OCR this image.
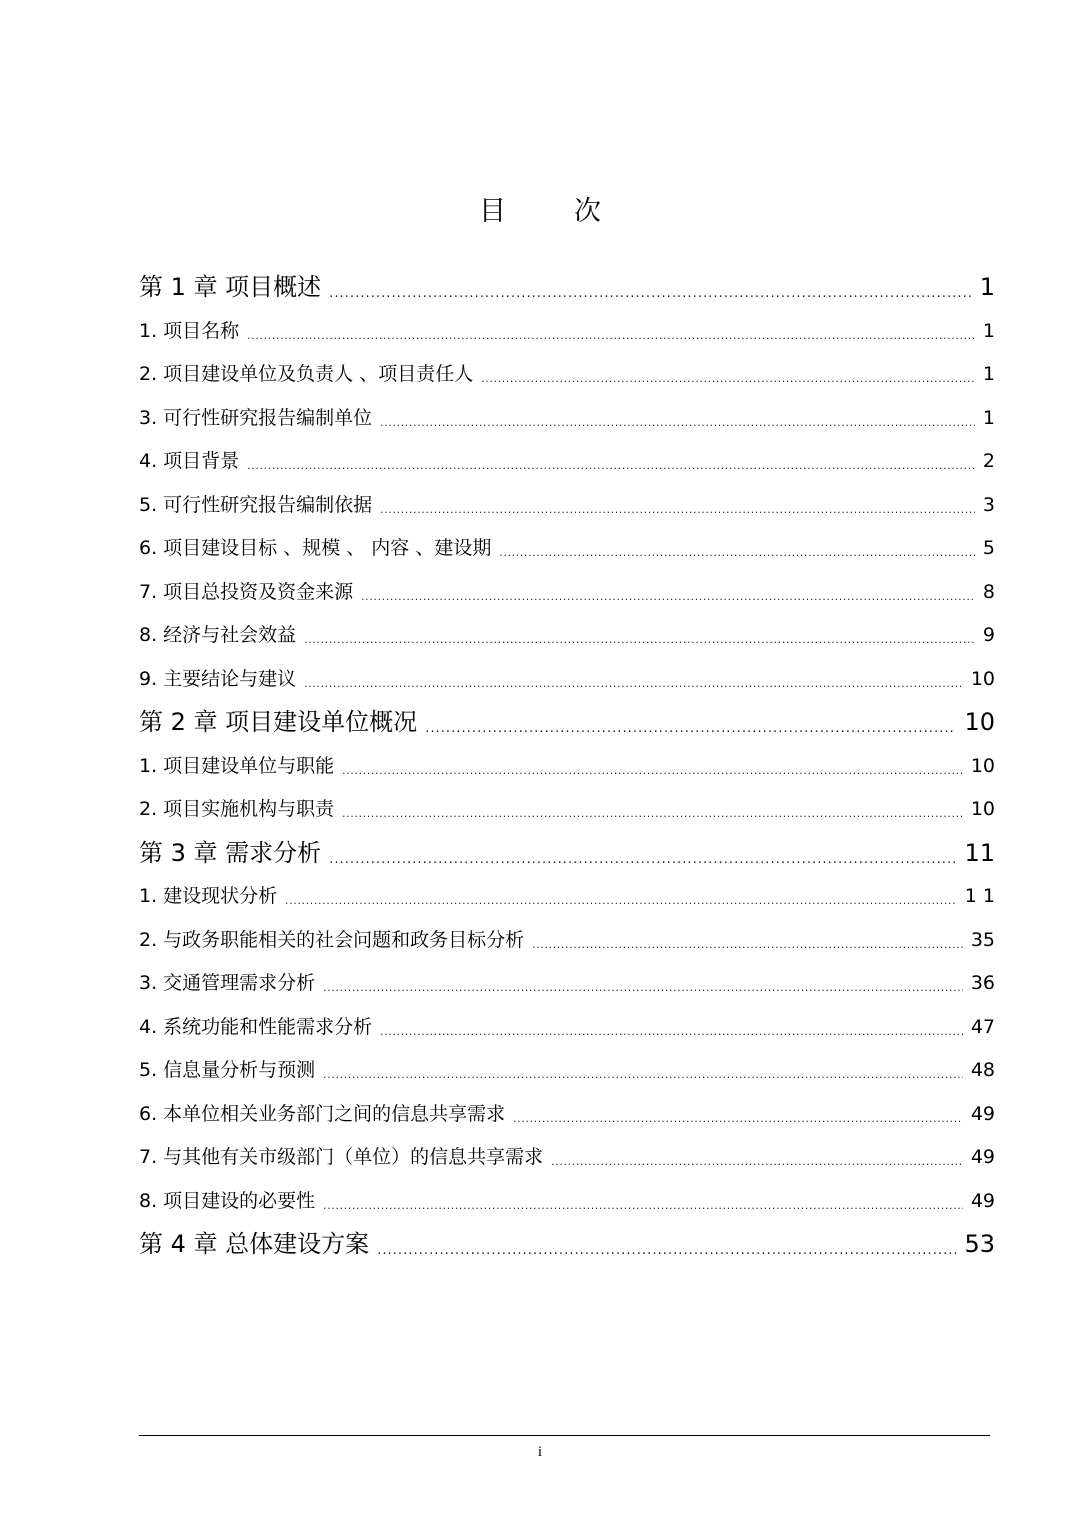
目次
第 1 章 项目概述 .....	1
1. 项目名称 .....	1
2. 项目建设单位及负责人 、项目责任人 .....	1
3. 可行性研究报告编制单位 .....	1
4. 项目背景 .....	2
5. 可行性研究报告编制依据 .....	3
6. 项目建设目标 、规模 、 内容 、建设期 .....	5
7. 项目总投资及资金来源 .....	8
8. 经济与社会效益 .....	9
9. 主要结论与建议 .....	10
第 2 章 项目建设单位概况 .....	10
1. 项目建设单位与职能 .....	10
2. 项目实施机构与职责 .....	10
第 3 章 需求分析 .....	11
1. 建设现状分析 .....	1 1
2. 与政务职能相关的社会问题和政务目标分析 .....	35
3. 交通管理需求分析 .....	36
4. 系统功能和性能需求分析 .....	47
5. 信息量分析与预测 .....	48
6. 本单位相关业务部门之间的信息共享需求 .....	49
7. 与其他有关市级部门（单位）的信息共享需求 .....	49
8. 项目建设的必要性 .....	49
第 4 章 总体建设方案 .....	53
i
